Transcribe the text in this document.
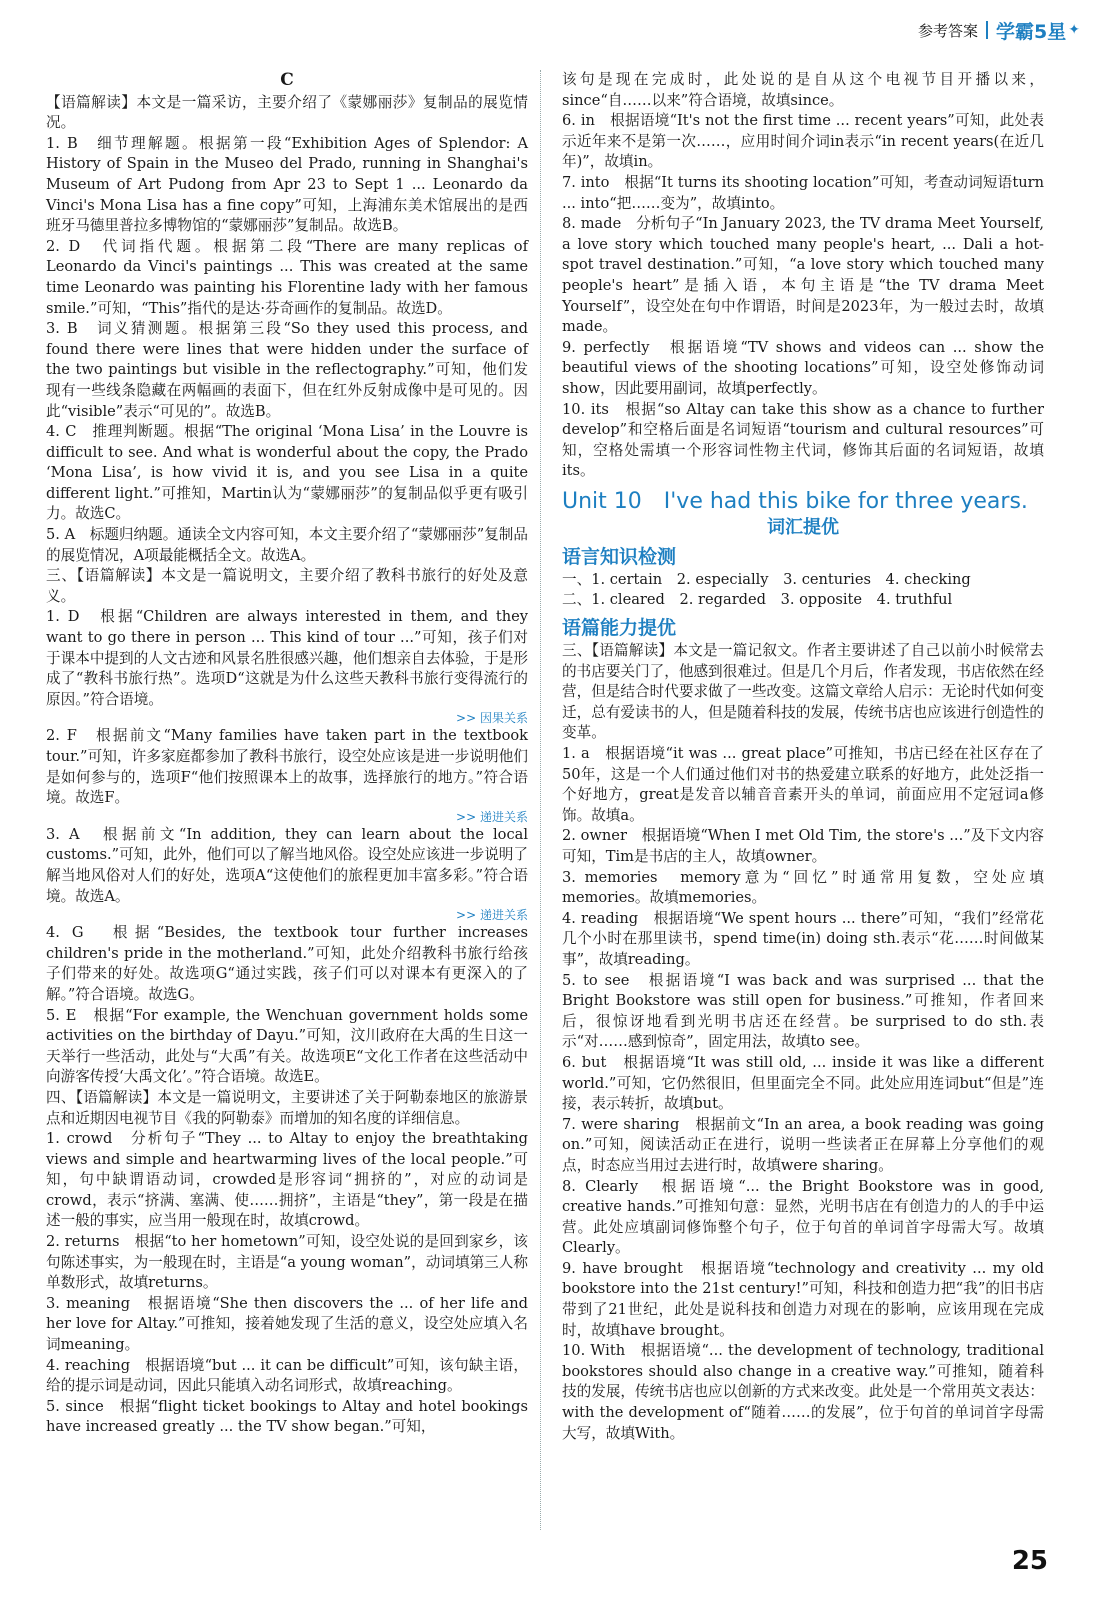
参考答案 学霸5星 ✦
C

【语篇解读】本文是一篇采访，主要介绍了《蒙娜丽莎》复制品的展览情况。

1. B　细节理解题。根据第一段“Exhibition Ages of Splendor: A History of Spain in the Museo del Prado, running in Shanghai's Museum of Art Pudong from Apr 23 to Sept 1 ... Leonardo da Vinci's Mona Lisa has a fine copy”可知，上海浦东美术馆展出的是西班牙马德里普拉多博物馆的“蒙娜丽莎”复制品。故选B。

2. D　代词指代题。根据第二段“There are many replicas of Leonardo da Vinci's paintings ... This was created at the same time Leonardo was painting his Florentine lady with her famous smile.”可知，“This”指代的是达·芬奇画作的复制品。故选D。

3. B　词义猜测题。根据第三段“So they used this process, and found there were lines that were hidden under the surface of the two paintings but visible in the reflectography.”可知，他们发现有一些线条隐藏在两幅画的表面下，但在红外反射成像中是可见的。因此“visible”表示“可见的”。故选B。

4. C　推理判断题。根据“The original ‘Mona Lisa’ in the Louvre is difficult to see. And what is wonderful about the copy, the Prado ‘Mona Lisa’, is how vivid it is, and you see Lisa in a quite different light.”可推知，Martin认为“蒙娜丽莎”的复制品似乎更有吸引力。故选C。

5. A　标题归纳题。通读全文内容可知，本文主要介绍了“蒙娜丽莎”复制品的展览情况，A项最能概括全文。故选A。

三、【语篇解读】本文是一篇说明文，主要介绍了教科书旅行的好处及意义。

1. D　根据“Children are always interested in them, and they want to go there in person ... This kind of tour ...”可知，孩子们对于课本中提到的人文古迹和风景名胜很感兴趣，他们想亲自去体验，于是形成了“教科书旅行热”。选项D“这就是为什么这些天教科书旅行变得流行的原因。”符合语境。

>> 因果关系

2. F　根据前文“Many families have taken part in the textbook tour.”可知，许多家庭都参加了教科书旅行，设空处应该是进一步说明他们是如何参与的，选项F“他们按照课本上的故事，选择旅行的地方。”符合语境。故选F。

>> 递进关系

3. A　根据前文“In addition, they can learn about the local customs.”可知，此外，他们可以了解当地风俗。设空处应该进一步说明了解当地风俗对人们的好处，选项A“这使他们的旅程更加丰富多彩。”符合语境。故选A。

>> 递进关系

4. G　根据“Besides, the textbook tour further increases children's pride in the motherland.”可知，此处介绍教科书旅行给孩子们带来的好处。故选项G“通过实践，孩子们可以对课本有更深入的了解。”符合语境。故选G。

5. E　根据“For example, the Wenchuan government holds some activities on the birthday of Dayu.”可知，汶川政府在大禹的生日这一天举行一些活动，此处与“大禹”有关。故选项E“文化工作者在这些活动中向游客传授‘大禹文化’。”符合语境。故选E。

四、【语篇解读】本文是一篇说明文，主要讲述了关于阿勒泰地区的旅游景点和近期因电视节目《我的阿勒泰》而增加的知名度的详细信息。

1. crowd　分析句子“They ... to Altay to enjoy the breathtaking views and simple and heartwarming lives of the local people.”可知，句中缺谓语动词，crowded是形容词“拥挤的”，对应的动词是crowd，表示“挤满、塞满、使……拥挤”，主语是“they”，第一段是在描述一般的事实，应当用一般现在时，故填crowd。

2. returns　根据“to her hometown”可知，设空处说的是回到家乡，该句陈述事实，为一般现在时，主语是“a young woman”，动词填第三人称单数形式，故填returns。

3. meaning　根据语境“She then discovers the ... of her life and her love for Altay.”可推知，接着她发现了生活的意义，设空处应填入名词meaning。

4. reaching　根据语境“but ... it can be difficult”可知，该句缺主语，给的提示词是动词，因此只能填入动名词形式，故填reaching。

5. since　根据“flight ticket bookings to Altay and hotel bookings have increased greatly ... the TV show began.”可知，

该句是现在完成时，此处说的是自从这个电视节目开播以来，since“自……以来”符合语境，故填since。

6. in　根据语境“It's not the first time ... recent years”可知，此处表示近年来不是第一次……，应用时间介词in表示“in recent years(在近几年)”，故填in。

7. into　根据“It turns its shooting location”可知，考查动词短语turn ... into“把……变为”，故填into。

8. made　分析句子“In January 2023, the TV drama Meet Yourself, a love story which touched many people's heart, ... Dali a hot-spot travel destination.”可知，“a love story which touched many people's heart”是插入语，本句主语是“the TV drama Meet Yourself”，设空处在句中作谓语，时间是2023年，为一般过去时，故填made。

9. perfectly　根据语境“TV shows and videos can ... show the beautiful views of the shooting locations”可知，设空处修饰动词show，因此要用副词，故填perfectly。

10. its　根据“so Altay can take this show as a chance to further develop”和空格后面是名词短语“tourism and cultural resources”可知，空格处需填一个形容词性物主代词，修饰其后面的名词短语，故填its。

Unit 10　I've had this bike for three years.
词汇提优
语言知识检测

一、1. certain　2. especially　3. centuries　4. checking

二、1. cleared　2. regarded　3. opposite　4. truthful

语篇能力提优

三、【语篇解读】本文是一篇记叙文。作者主要讲述了自己以前小时候常去的书店要关门了，他感到很难过。但是几个月后，作者发现，书店依然在经营，但是结合时代要求做了一些改变。这篇文章给人启示：无论时代如何变迁，总有爱读书的人，但是随着科技的发展，传统书店也应该进行创造性的变革。

1. a　根据语境“it was ... great place”可推知，书店已经在社区存在了50年，这是一个人们通过他们对书的热爱建立联系的好地方，此处泛指一个好地方，great是发音以辅音音素开头的单词，前面应用不定冠词a修饰。故填a。

2. owner　根据语境“When I met Old Tim, the store's ...”及下文内容可知，Tim是书店的主人，故填owner。

3. memories　memory意为“回忆”时通常用复数，空处应填memories。故填memories。

4. reading　根据语境“We spent hours ... there”可知，“我们”经常花几个小时在那里读书，spend time(in) doing sth.表示“花……时间做某事”，故填reading。

5. to see　根据语境“I was back and was surprised ... that the Bright Bookstore was still open for business.”可推知，作者回来后，很惊讶地看到光明书店还在经营。be surprised to do sth.表示“对……感到惊奇”，固定用法，故填to see。

6. but　根据语境“It was still old, ... inside it was like a different world.”可知，它仍然很旧，但里面完全不同。此处应用连词but“但是”连接，表示转折，故填but。

7. were sharing　根据前文“In an area, a book reading was going on.”可知，阅读活动正在进行，说明一些读者正在屏幕上分享他们的观点，时态应当用过去进行时，故填were sharing。

8. Clearly　根据语境“... the Bright Bookstore was in good, creative hands.”可推知句意：显然，光明书店在有创造力的人的手中运营。此处应填副词修饰整个句子，位于句首的单词首字母需大写。故填Clearly。

9. have brought　根据语境“technology and creativity ... my old bookstore into the 21st century!”可知，科技和创造力把“我”的旧书店带到了21世纪，此处是说科技和创造力对现在的影响，应该用现在完成时，故填have brought。

10. With　根据语境“... the development of technology, traditional bookstores should also change in a creative way.”可推知，随着科技的发展，传统书店也应以创新的方式来改变。此处是一个常用英文表达：with the development of“随着……的发展”，位于句首的单词首字母需大写，故填With。

25
